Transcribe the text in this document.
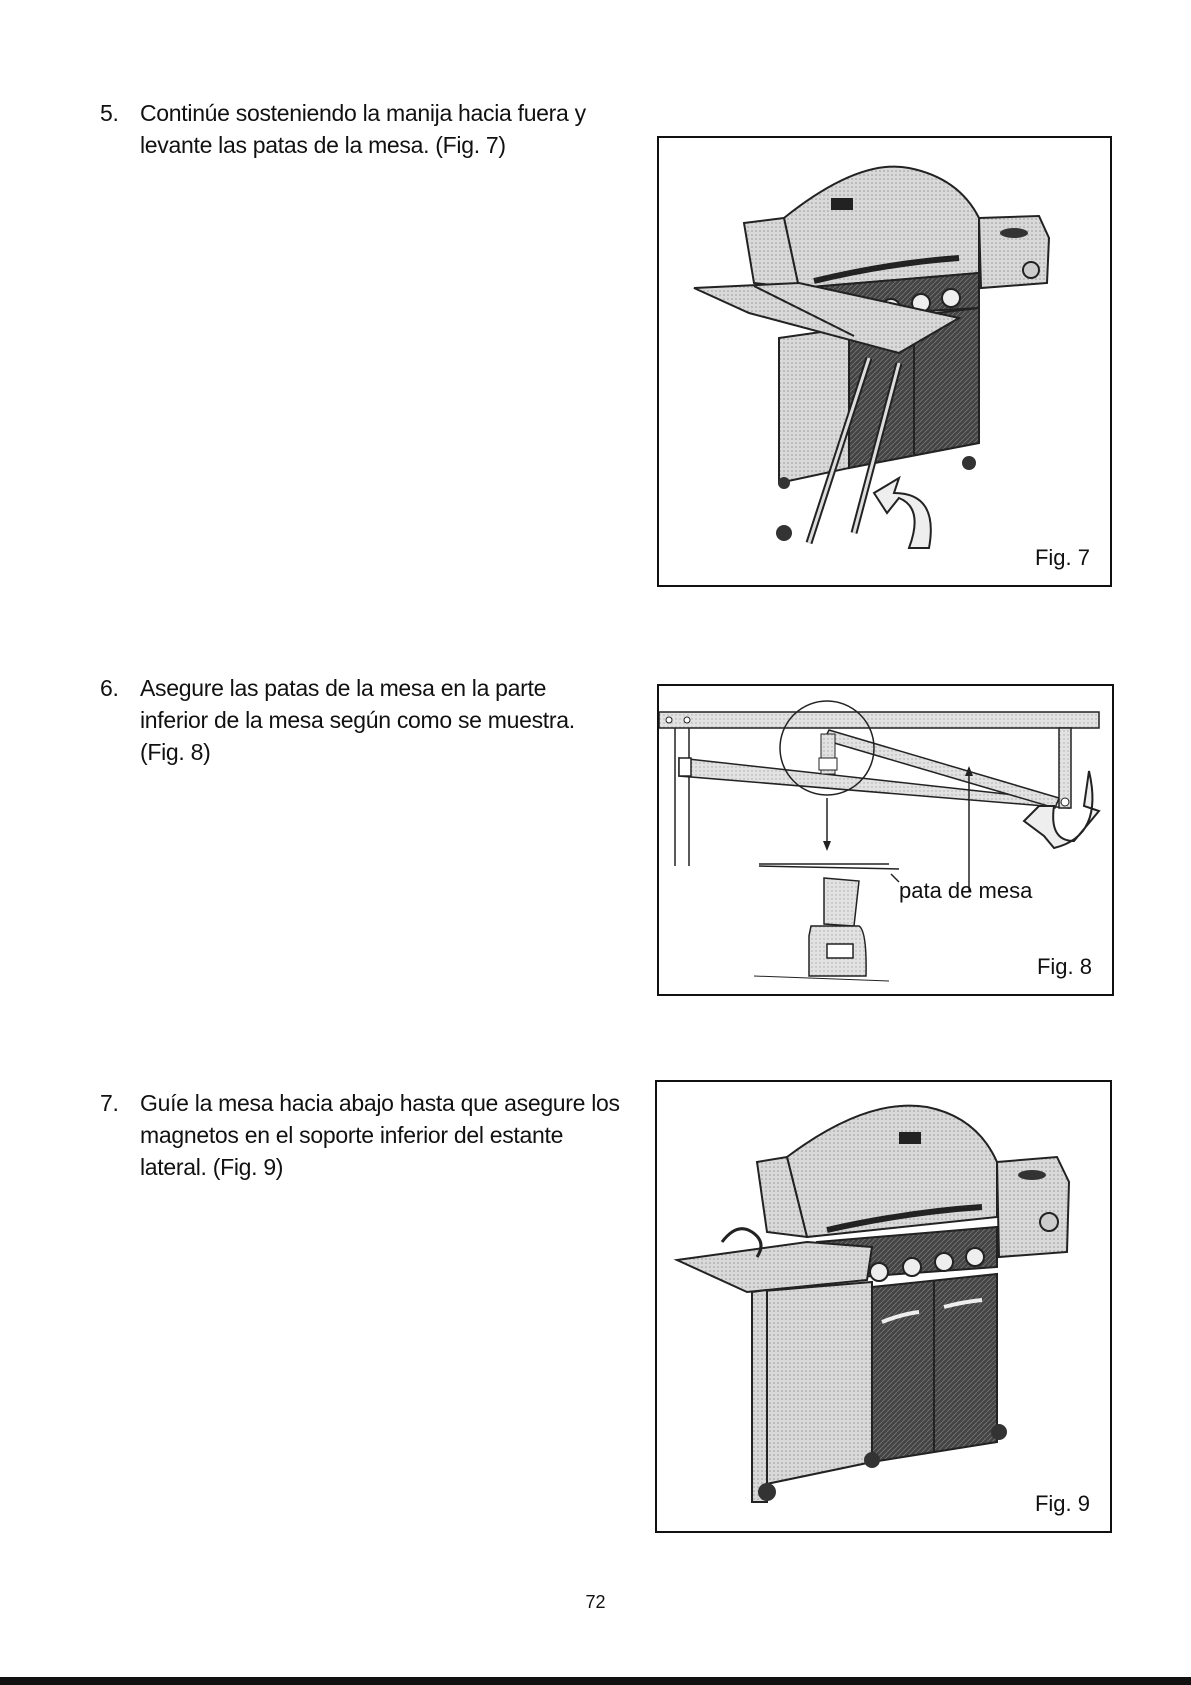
5. Continúe sosteniendo la manija hacia fuera y levante las patas de la mesa. (Fig. 7)
Fig. 7
6. Asegure las patas de la mesa en la parte inferior de la mesa según como se muestra. (Fig. 8)
pata de mesa
Fig. 8
7. Guíe la mesa hacia abajo hasta que asegure los magnetos en el soporte inferior del estante lateral. (Fig. 9)
Fig. 9
72
